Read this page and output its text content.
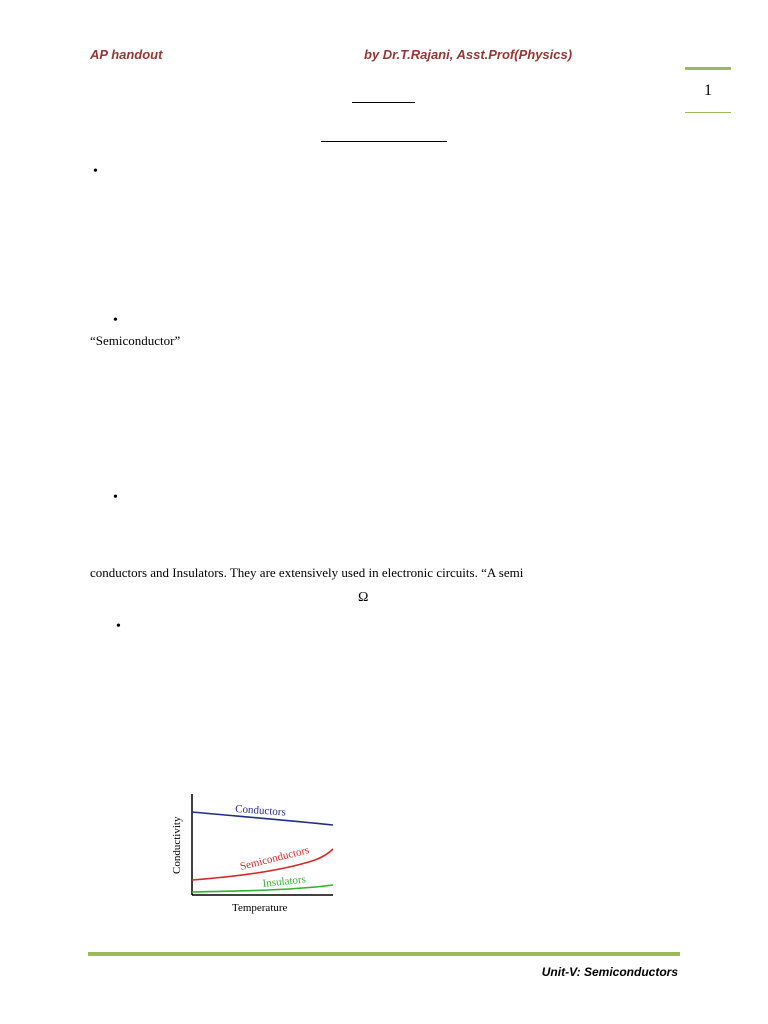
AP handout	by Dr.T.Rajani, Asst.Prof(Physics)
1
•
•
“Semiconductor”
•
conductors and Insulators. They are extensively used in electronic circuits. “A semi
Ω
•
Conductors
Semiconductors
Insulators
Conductivity
Temperature
Unit-V: Semiconductors
